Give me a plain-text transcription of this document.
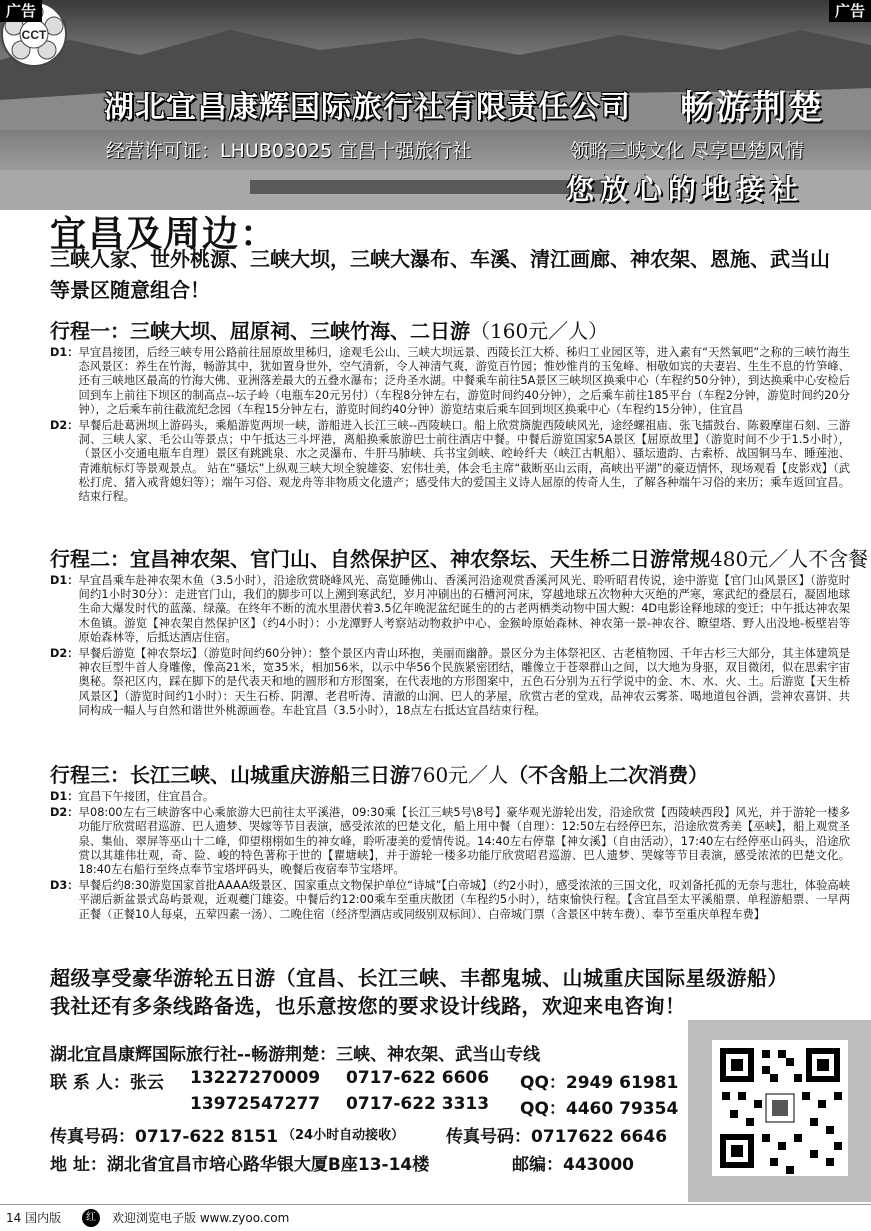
CCT
湖北宜昌康辉国际旅行社有限责任公司 畅游荆楚
经营许可证：LHUB03025 宜昌十强旅行社	领略三峡文化 尽享巴楚风情
您放心的地接社
广告	广告
宜昌及周边：
三峡人家、世外桃源、三峡大坝，三峡大瀑布、车溪、清江画廊、神农架、恩施、武当山等景区随意组合！
行程一：三峡大坝、屈原祠、三峡竹海、二日游（160元／人）
D1： 早宜昌接团，后经三峡专用公路前往屈原故里秭归，途观毛公山、三峡大坝远景、西陵长江大桥、秭归工业园区等，进入素有“天然氧吧”之称的三峡竹海生态风景区：养生在竹海，畅游其中，犹如置身世外，空气清新，令人神清气爽，游览百竹园；惟妙惟肖的玉兔峰、相敬如宾的夫妻岩、生生不息的竹笋峰、还有三峡地区最高的竹海大佛、亚洲落差最大的五叠水瀑布；泛舟圣水湖。中餐乘车前往5A景区三峡坝区换乘中心（车程约50分钟），到达换乘中心安检后回到车上前往下坝区的制高点--坛子岭（电瓶车20元另付）（车程8分钟左右，游览时间约40分钟），之后乘车前往185平台（车程2分钟，游览时间约20分钟），之后乘车前往截流纪念园（车程15分钟左右，游览时间约40分钟）游览结束后乘车回到坝区换乘中心（车程约15分钟），住宜昌
D2： 早餐后赴葛洲坝上游码头，乘船游览两坝一峡，游船进入长江三峡--西陵峡口。船上欣赏旖旎西陵峡风光，途经螺祖庙、张飞擂鼓台、陈毅摩崖石刻、三游洞、三峡人家、毛公山等景点；中午抵达三斗坪港，离船换乘旅游巴士前往酒店中餐。中餐后游览国家5A景区【屈原故里】（游览时间不少于1.5小时），（景区小交通电瓶车自理）景区有跳跳泉、水之灵瀑布、牛肝马肺峡、兵书宝剑峡、崆岭纤夫（峡江古帆船）、骚坛遗韵、古索桥、战国铜马车、睡莲池、青滩航标灯等景观景点。 站在“骚坛”上纵观三峡大坝全貌雄姿、宏伟壮美，体会毛主席“截断巫山云雨，高峡出平湖”的豪迈情怀，现场观看【皮影戏】（武松打虎、猪入戒背媳妇等）；端午习俗、观龙舟等非物质文化遗产；感受伟大的爱国主义诗人屈原的传奇人生，了解各种端午习俗的来历；乘车返回宜昌。结束行程。
行程二：宜昌神农架、官门山、自然保护区、神农祭坛、天生桥二日游常规480元／人不含餐
D1： 早宜昌乘车赴神农架木鱼（3.5小时），沿途欣赏晓峰风光、高览睡佛山、香溪河沿途观赏香溪河风光、聆听昭君传说，途中游览【官门山风景区】（游览时间约1小时30分）：走进官门山，我们的脚步可以上溯到寒武纪，岁月冲刷出的石槽河河床，穿越地球五次物种大灭绝的严寒，寒武纪的叠层石，凝固地球生命大爆发时代的蓝藻、绿藻。在终年不断的流水里潜伏着3.5亿年晚泥盆纪诞生的的古老两栖类动物中国大鲵：4D电影诠释地球的变迁；中午抵达神农架木鱼镇。游览【神农架自然保护区】（约4小时）：小龙潭野人考察站动物救护中心、金猴岭原始森林、神农第一景-神农谷、瞭望塔、野人出没地-板壁岩等原始森林等，后抵达酒店住宿。
D2： 早餐后游览【神农祭坛】（游览时间约60分钟）：整个景区内青山环抱，美丽而幽静。景区分为主体祭祀区、古老植物园、千年古杉三大部分，其主体建筑是神农巨型牛首人身雕像，像高21米，宽35米，相加56米，以示中华56个民族紧密团结，雕像立于苍翠群山之间，以大地为身驱，双目微闭，似在思索宇宙奥秘。祭祀区内，踩在脚下的是代表天和地的圆形和方形图案，在代表地的方形图案中，五色石分别为五行学说中的金、木、水、火、土。后游览【天生桥风景区】（游览时间约1小时）：天生石桥、阴潭、老君听涛、清澈的山涧、巴人的茅屋，欣赏古老的堂戏，品神农云雾茶、喝地道包谷酒，尝神农喜饼、共同构成一幅人与自然和谐世外桃源画卷。车赴宜昌（3.5小时），18点左右抵达宜昌结束行程。
行程三：长江三峡、山城重庆游船三日游760元／人（不含船上二次消费）
D1： 宜昌下午接团，住宜昌合。
D2： 早08:00左右三峡游客中心乘旅游大巴前往太平溪港，09:30乘【长江三峡5号\8号】豪华观光游轮出发，沿途欣赏【西陵峡西段】风光，并于游轮一楼多功能厅欣赏昭君巡游、巴人遗梦、哭嫁等节目表演，感受浓浓的巴楚文化，船上用中餐（自理）：12:50左右经停巴东，沿途欣赏秀美【巫峡】，船上观赏圣泉、集仙、翠屏等巫山十二峰，仰望栩栩如生的神女峰，聆听凄美的爱情传说。14:40左右停靠【神女溪】（自由活动），17:40左右经停巫山码头，沿途欣赏以其雄伟壮观，奇、险、峻的特色著称于世的【瞿塘峡】，并于游轮一楼多功能厅欣赏昭君巡游、巴人遗梦、哭嫁等节目表演，感受浓浓的巴楚文化。18:40左右船行至终点奉节宝塔坪码头，晚餐后夜宿奉节宝塔坪。
D3： 早餐后约8:30游览国家首批AAAA级景区、国家重点文物保护单位“诗城”【白帝城】（约2小时），感受浓浓的三国文化，叹刘备托孤的无奈与悲壮，体验高峡平湖后新盆景式岛屿景观，近观夔门雄姿。中餐后约12:00乘车至重庆散团（车程约5小时），结束愉快行程。【含宜昌至太平溪船票、单程游船票、一早两正餐（正餐10人每桌，五荤四素一汤）、二晚住宿（经济型酒店或同级别双标间）、白帝城门票（含景区中转车费）、奉节至重庆单程车费】
超级享受豪华游轮五日游（宜昌、长江三峡、丰都鬼城、山城重庆国际星级游船）
我社还有多条线路备选，也乐意按您的要求设计线路，欢迎来电咨询！
湖北宜昌康辉国际旅行社--畅游荆楚：三峡、神农架、武当山专线
联 系 人：张云 13227270009 0717-622 6606 QQ：2949 61981
13972547277 0717-622 3313 QQ：4460 79354
传真号码：0717-622 8151 （24小时自动接收） 传真号码：0717622 6646
地 址：湖北省宜昌市培心路华银大厦B座13-14楼	邮编：443000
14 国内版	红	欢迎浏览电子版 www.zyoo.com
